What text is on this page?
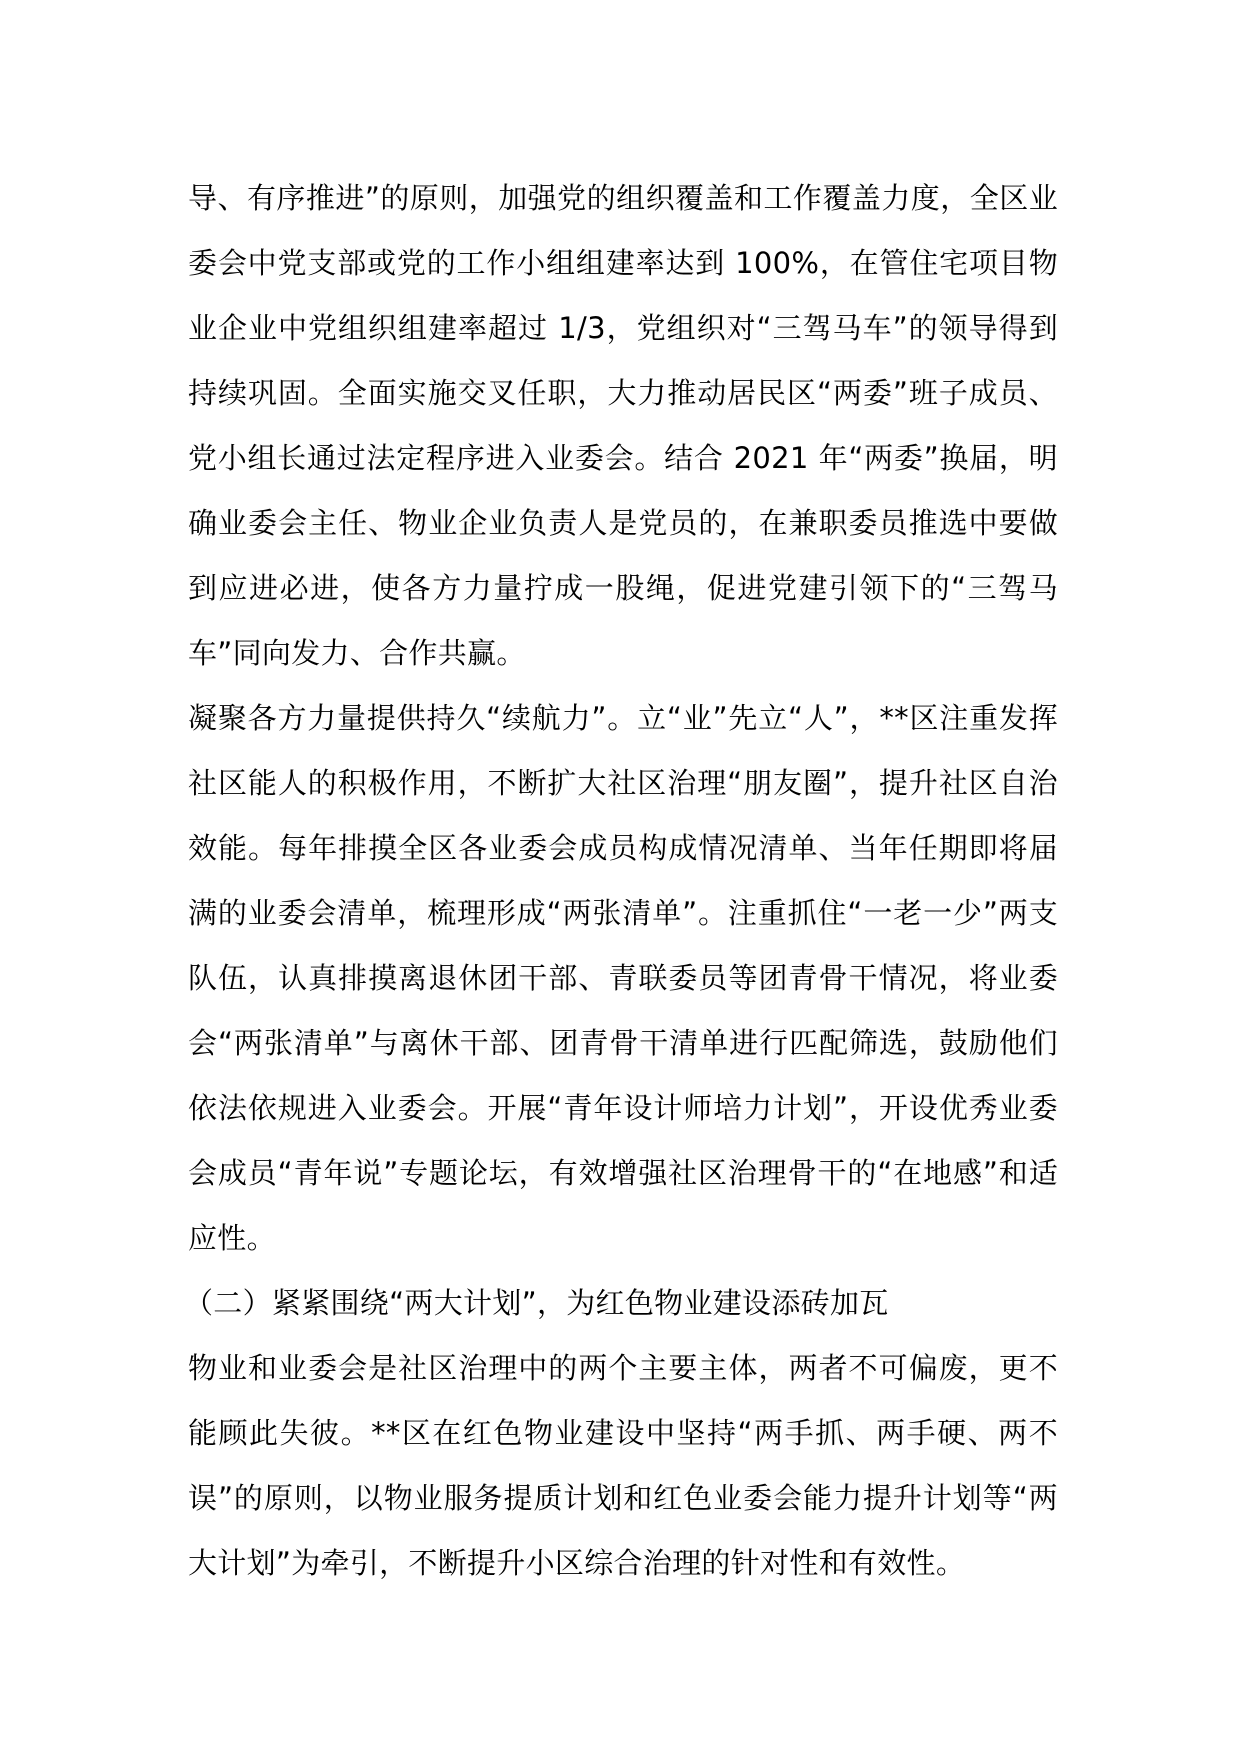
导、有序推进”的原则，加强党的组织覆盖和工作覆盖力度，全区业委会中党支部或党的工作小组组建率达到 100%，在管住宅项目物业企业中党组织组建率超过 1/3，党组织对“三驾马车”的领导得到持续巩固。全面实施交叉任职，大力推动居民区“两委”班子成员、党小组长通过法定程序进入业委会。结合 2021 年“两委”换届，明确业委会主任、物业企业负责人是党员的，在兼职委员推选中要做到应进必进，使各方力量拧成一股绳，促进党建引领下的“三驾马车”同向发力、合作共赢。

凝聚各方力量提供持久“续航力”。立“业”先立“人”，**区注重发挥社区能人的积极作用，不断扩大社区治理“朋友圈”，提升社区自治效能。每年排摸全区各业委会成员构成情况清单、当年任期即将届满的业委会清单，梳理形成“两张清单”。注重抓住“一老一少”两支队伍，认真排摸离退休团干部、青联委员等团青骨干情况，将业委会“两张清单”与离休干部、团青骨干清单进行匹配筛选，鼓励他们依法依规进入业委会。开展“青年设计师培力计划”，开设优秀业委会成员“青年说”专题论坛，有效增强社区治理骨干的“在地感”和适应性。

（二）紧紧围绕“两大计划”，为红色物业建设添砖加瓦

物业和业委会是社区治理中的两个主要主体，两者不可偏废，更不能顾此失彼。**区在红色物业建设中坚持“两手抓、两手硬、两不误”的原则，以物业服务提质计划和红色业委会能力提升计划等“两大计划”为牵引，不断提升小区综合治理的针对性和有效性。
